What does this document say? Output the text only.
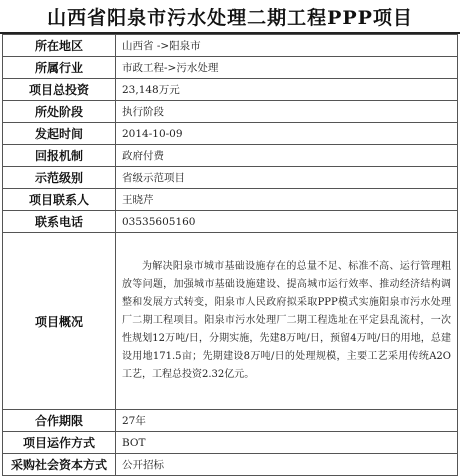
山西省阳泉市污水处理二期工程PPP项目
所在地区	山西省 ->阳泉市
所属行业	市政工程->污水处理
项目总投资	23,148万元
所处阶段	执行阶段
发起时间	2014-10-09
回报机制	政府付费
示范级别	省级示范项目
项目联系人	王晓芹
联系电话	03535605160
项目概况	为解决阳泉市城市基础设施存在的总量不足、标准不高、运行管理粗放等问题，加强城市基础设施建设、提高城市运行效率、推动经济结构调整和发展方式转变，阳泉市人民政府拟采取PPP模式实施阳泉市污水处理厂二期工程项目。阳泉市污水处理厂二期工程选址在平定县乱流村，一次性规划12万吨/日，分期实施，先建8万吨/日，预留4万吨/日的用地，总建设用地171.5亩；先期建设8万吨/日的处理规模，主要工艺采用传统A2O工艺，工程总投资2.32亿元。

合作期限	27年
项目运作方式	BOT
采购社会资本方式	公开招标
